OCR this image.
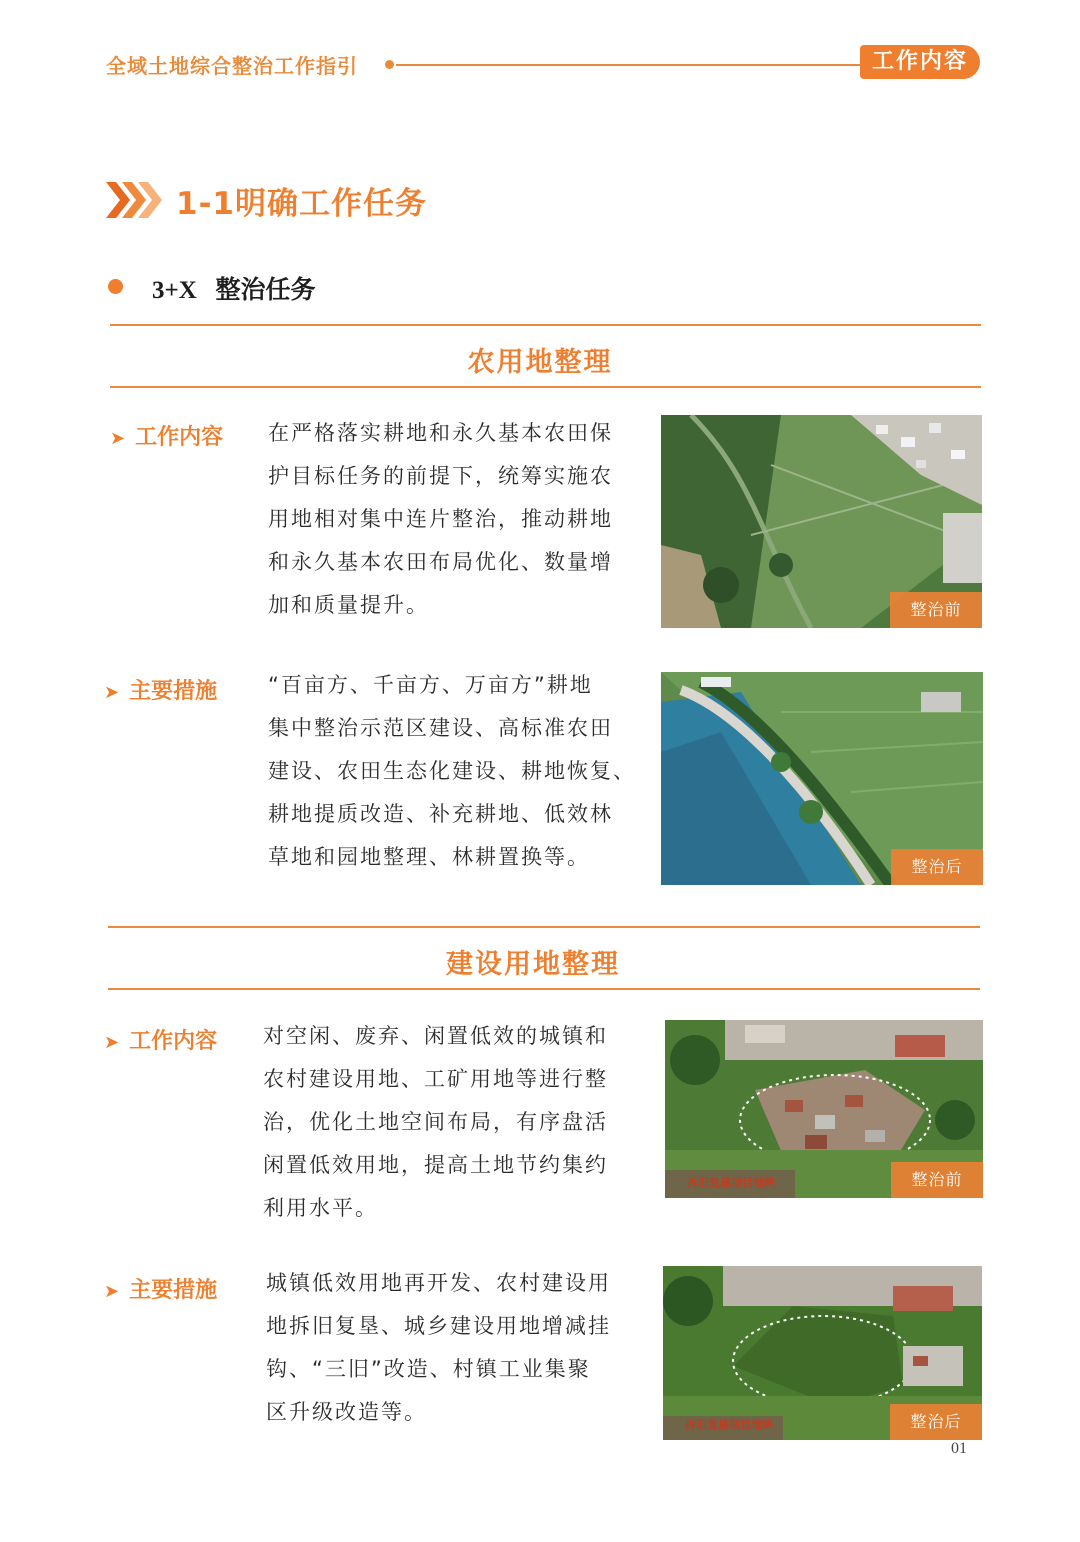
全域土地综合整治工作指引	工作内容
1-1明确工作任务
3+X 整治任务
农用地整理
➤ 工作内容 在严格落实耕地和永久基本农田保
护目标任务的前提下，统筹实施农
用地相对集中连片整治，推动耕地
和永久基本农田布局优化、数量增
加和质量提升。	整治前
➤ 主要措施 “百亩方、千亩方、万亩方”耕地
集中整治示范区建设、高标准农田
建设、农田生态化建设、耕地恢复、
耕地提质改造、补充耕地、低效林
草地和园地整理、林耕置换等。	整治后
建设用地整理
➤ 工作内容 对空闲、废弃、闲置低效的城镇和
农村建设用地、工矿用地等进行整
治，优化土地空间布局，有序盘活
闲置低效用地，提高土地节约集约
利用水平。
拆旧复垦项目地块	整治前
➤ 主要措施 城镇低效用地再开发、农村建设用
地拆旧复垦、城乡建设用地增减挂
钩、“三旧”改造、村镇工业集聚
区升级改造等。
拆旧复垦项目地块	整治后
01
